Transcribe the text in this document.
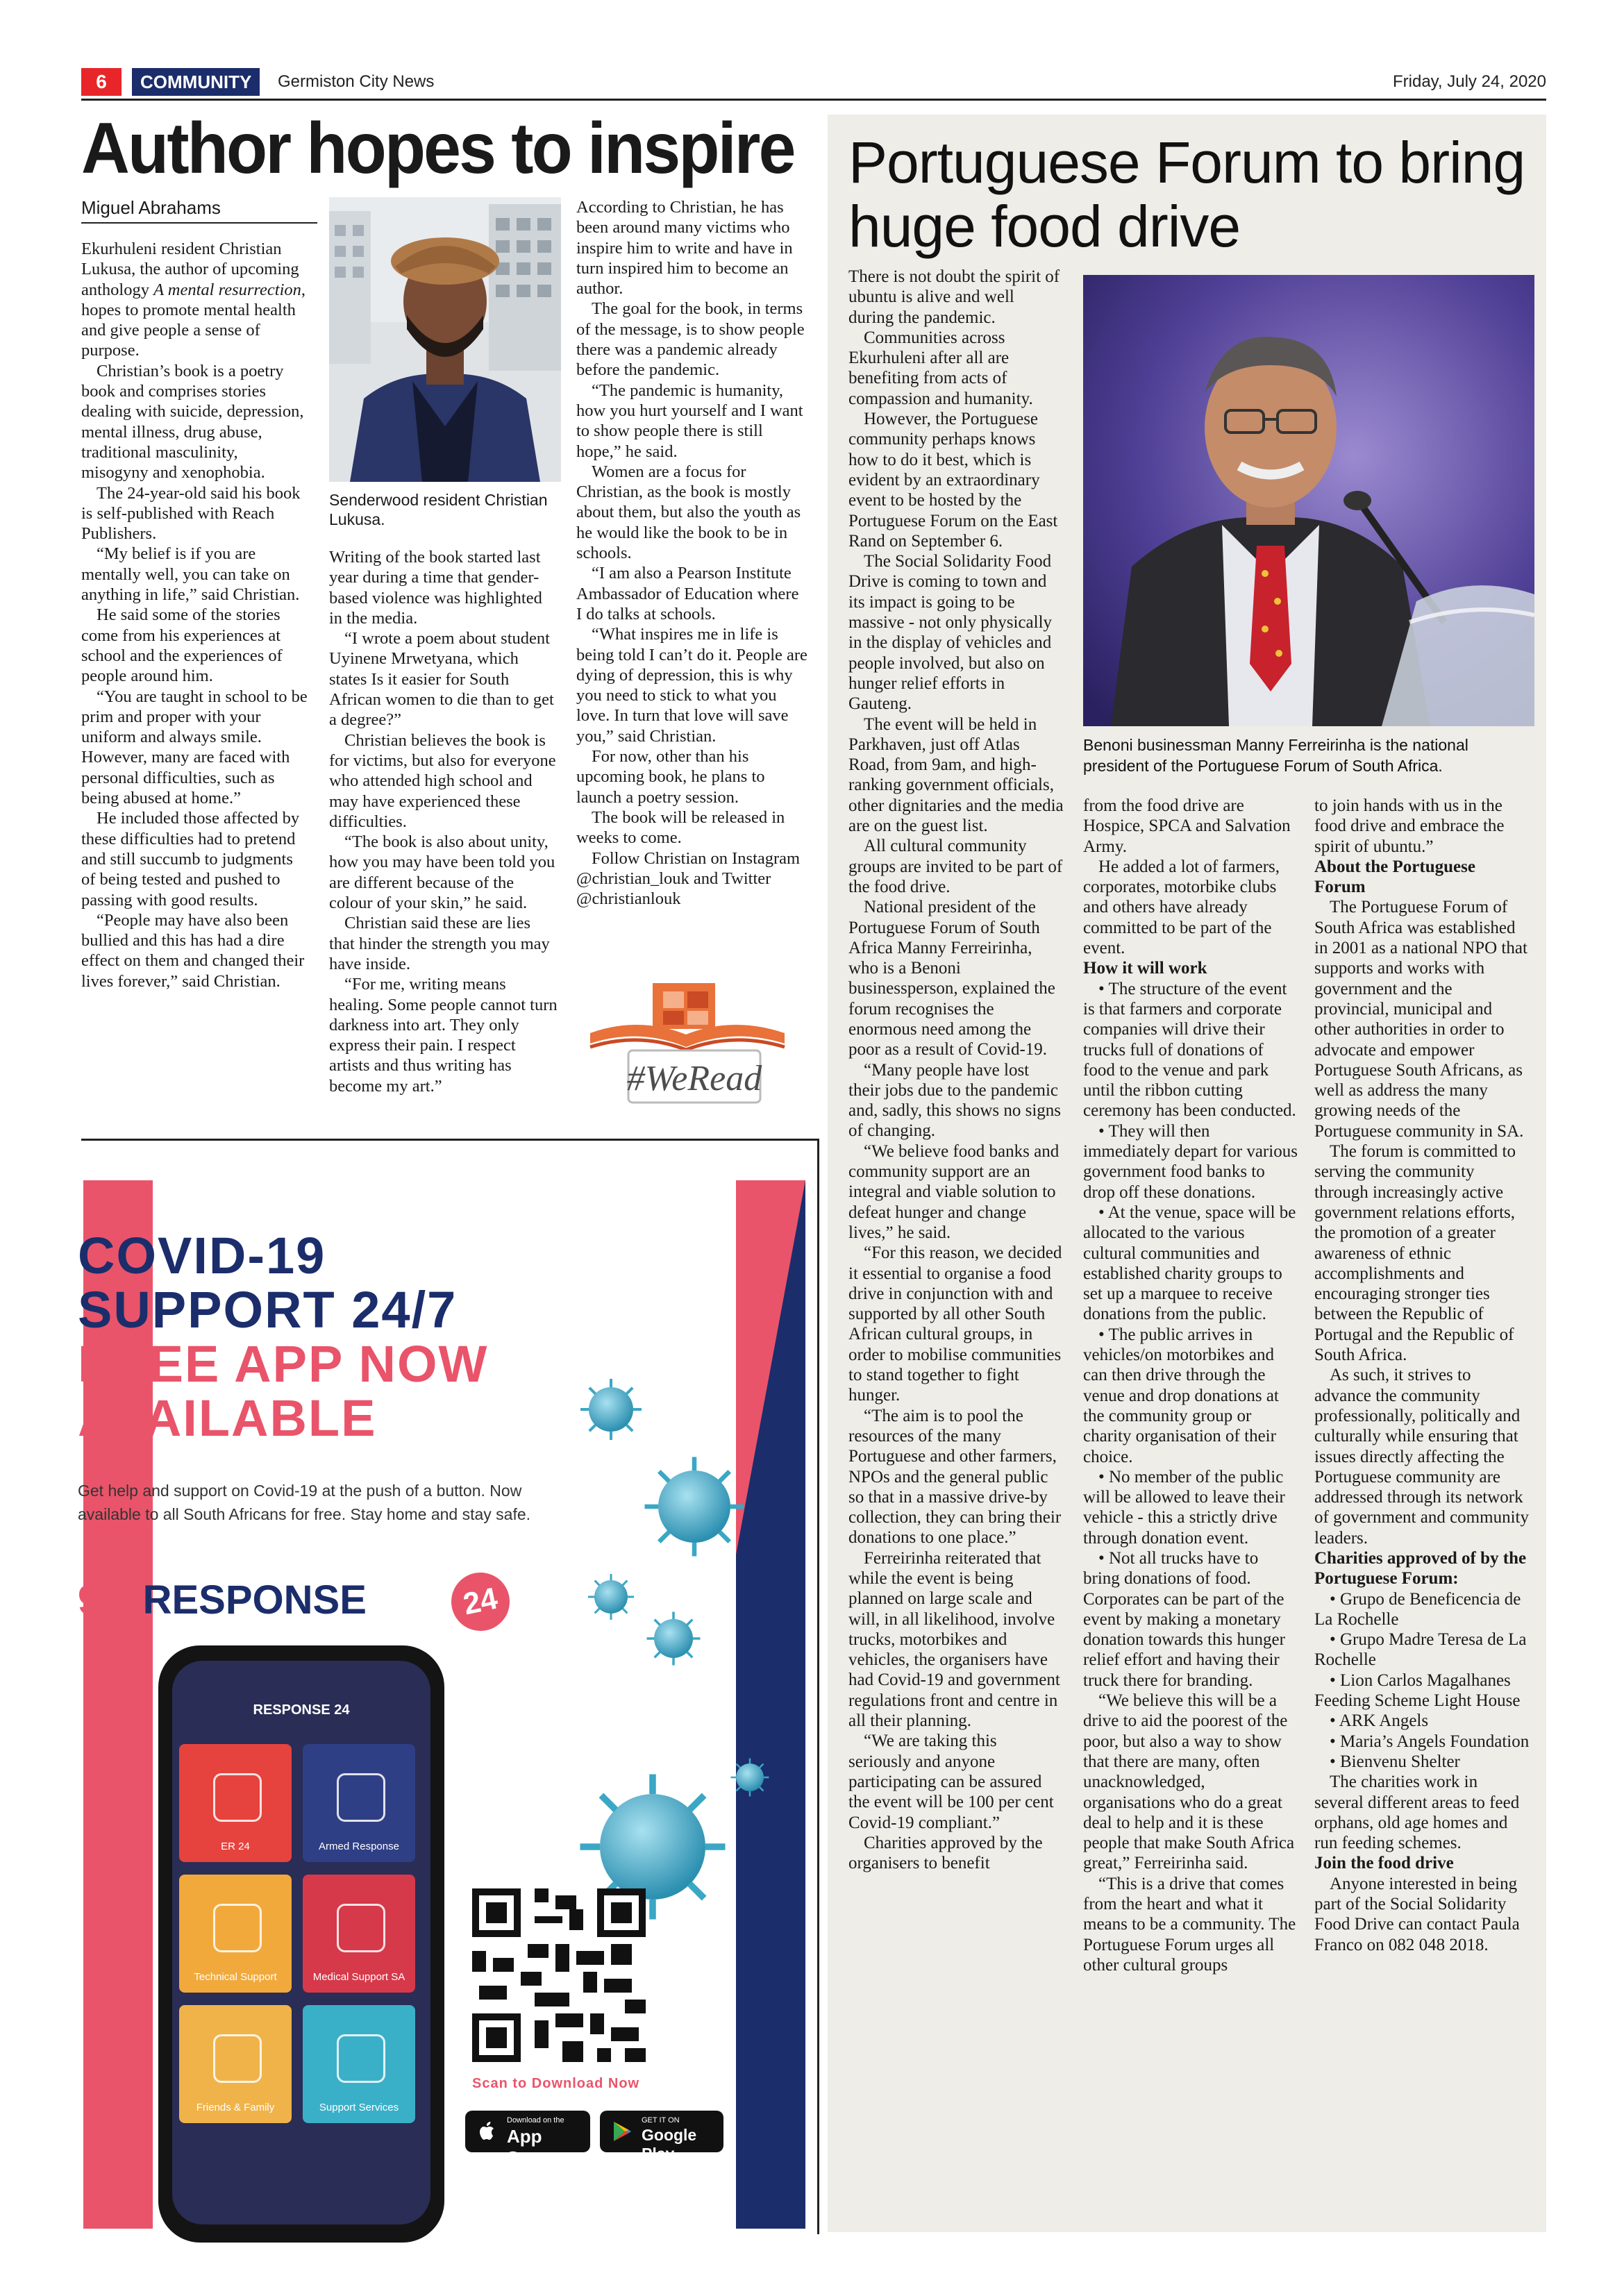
6	COMMUNITY	Germiston City News	Friday, July 24, 2020
Author hopes to inspire
Miguel Abrahams

Ekurhuleni resident Christian Lukusa, the author of upcoming anthology A mental resurrection, hopes to promote mental health and give people a sense of purpose.

Christian’s book is a poetry book and comprises stories dealing with suicide, depression, mental illness, drug abuse, traditional masculinity, misogyny and xenophobia.

The 24-year-old said his book is self-published with Reach Publishers.

“My belief is if you are mentally well, you can take on anything in life,” said Christian.

He said some of the stories come from his experiences at school and the experiences of people around him.

“You are taught in school to be prim and proper with your uniform and always smile. However, many are faced with personal difficulties, such as being abused at home.”

He included those affected by these difficulties had to pretend and still succumb to judgments of being tested and pushed to passing with good results.

“People may have also been bullied and this has had a dire effect on them and changed their lives forever,” said Christian.

Senderwood resident Christian Lukusa.

Writing of the book started last year during a time that gender-based violence was highlighted in the media.

“I wrote a poem about student Uyinene Mrwetyana, which states Is it easier for South African women to die than to get a degree?”

Christian believes the book is for victims, but also for everyone who attended high school and may have experienced these difficulties.

“The book is also about unity, how you may have been told you are different because of the colour of your skin,” he said.

Christian said these are lies that hinder the strength you may have inside.

“For me, writing means healing. Some people cannot turn darkness into art. They only express their pain. I respect artists and thus writing has become my art.”

According to Christian, he has been around many victims who inspire him to write and have in turn inspired him to become an author.

The goal for the book, in terms of the message, is to show people there was a pandemic already before the pandemic.

“The pandemic is humanity, how you hurt yourself and I want to show people there is still hope,” he said.

Women are a focus for Christian, as the book is mostly about them, but also the youth as he would like the book to be in schools.

“I am also a Pearson Institute Ambassador of Education where I do talks at schools.

“What inspires me in life is being told I can’t do it. People are dying of depression, this is why you need to stick to what you love. In turn that love will save you,” said Christian.

For now, other than his upcoming book, he plans to launch a poetry session.

The book will be released in weeks to come.

Follow Christian on Instagram @christian_louk and Twitter @christianlouk

#WeRead
COVID-19
SUPPORT 24/7
FREE APP NOW
AVAILABLE
Get help and support on Covid-19 at the push of a button. Now available to all South Africans for free. Stay home and stay safe.
911RESPONSE	24
RESPONSE 24
ER 24	Armed Response
Technical Support	Medical Support SA
Friends & Family	Support Services
Scan to Download Now
Download on the
App Store
GET IT ON
Google Play
Portuguese Forum to bring huge food drive

There is not doubt the spirit of ubuntu is alive and well during the pandemic.

Communities across Ekurhuleni after all are benefiting from acts of compassion and humanity.

However, the Portuguese community perhaps knows how to do it best, which is evident by an extraordinary event to be hosted by the Portuguese Forum on the East Rand on September 6.

The Social Solidarity Food Drive is coming to town and its impact is going to be massive - not only physically in the display of vehicles and people involved, but also on hunger relief efforts in Gauteng.

The event will be held in Parkhaven, just off Atlas Road, from 9am, and high-ranking government officials, other dignitaries and the media are on the guest list.

All cultural community groups are invited to be part of the food drive.

National president of the Portuguese Forum of South Africa Manny Ferreirinha, who is a Benoni businessperson, explained the forum recognises the enormous need among the poor as a result of Covid-19.

“Many people have lost their jobs due to the pandemic and, sadly, this shows no signs of changing.

“We believe food banks and community support are an integral and viable solution to defeat hunger and change lives,” he said.

“For this reason, we decided it essential to organise a food drive in conjunction with and supported by all other South African cultural groups, in order to mobilise communities to stand together to fight hunger.

“The aim is to pool the resources of the many Portuguese and other farmers, NPOs and the general public so that in a massive drive-by collection, they can bring their donations to one place.”

Ferreirinha reiterated that while the event is being planned on large scale and will, in all likelihood, involve trucks, motorbikes and vehicles, the organisers have had Covid-19 and government regulations front and centre in all their planning.

“We are taking this seriously and anyone participating can be assured the event will be 100 per cent Covid-19 compliant.”

Charities approved by the organisers to benefit

Benoni businessman Manny Ferreirinha is the national president of the Portuguese Forum of South Africa.

from the food drive are Hospice, SPCA and Salvation Army.

He added a lot of farmers, corporates, motorbike clubs and others have already committed to be part of the event.

How it will work

• The structure of the event is that farmers and corporate companies will drive their trucks full of donations of food to the venue and park until the ribbon cutting ceremony has been conducted.

• They will then immediately depart for various government food banks to drop off these donations.

• At the venue, space will be allocated to the various cultural communities and established charity groups to set up a marquee to receive donations from the public.

• The public arrives in vehicles/on motorbikes and can then drive through the venue and drop donations at the community group or charity organisation of their choice.

• No member of the public will be allowed to leave their vehicle - this a strictly drive through donation event.

• Not all trucks have to bring donations of food. Corporates can be part of the event by making a monetary donation towards this hunger relief effort and having their truck there for branding.

“We believe this will be a drive to aid the poorest of the poor, but also a way to show that there are many, often unacknowledged, organisations who do a great deal to help and it is these people that make South Africa great,” Ferreirinha said.

“This is a drive that comes from the heart and what it means to be a community. The Portuguese Forum urges all other cultural groups

to join hands with us in the food drive and embrace the spirit of ubuntu.”

About the Portuguese Forum

The Portuguese Forum of South Africa was established in 2001 as a national NPO that supports and works with government and the provincial, municipal and other authorities in order to advocate and empower Portuguese South Africans, as well as address the many growing needs of the Portuguese community in SA.

The forum is committed to serving the community through increasingly active government relations efforts, the promotion of a greater awareness of ethnic accomplishments and encouraging stronger ties between the Republic of Portugal and the Republic of South Africa.

As such, it strives to advance the community professionally, politically and culturally while ensuring that issues directly affecting the Portuguese community are addressed through its network of government and community leaders.

Charities approved of by the Portuguese Forum:

• Grupo de Beneficencia de La Rochelle

• Grupo Madre Teresa de La Rochelle

• Lion Carlos Magalhanes Feeding Scheme Light House

• ARK Angels

• Maria’s Angels Foundation

• Bienvenu Shelter

The charities work in several different areas to feed orphans, old age homes and run feeding schemes.

Join the food drive

Anyone interested in being part of the Social Solidarity Food Drive can contact Paula Franco on 082 048 2018.
